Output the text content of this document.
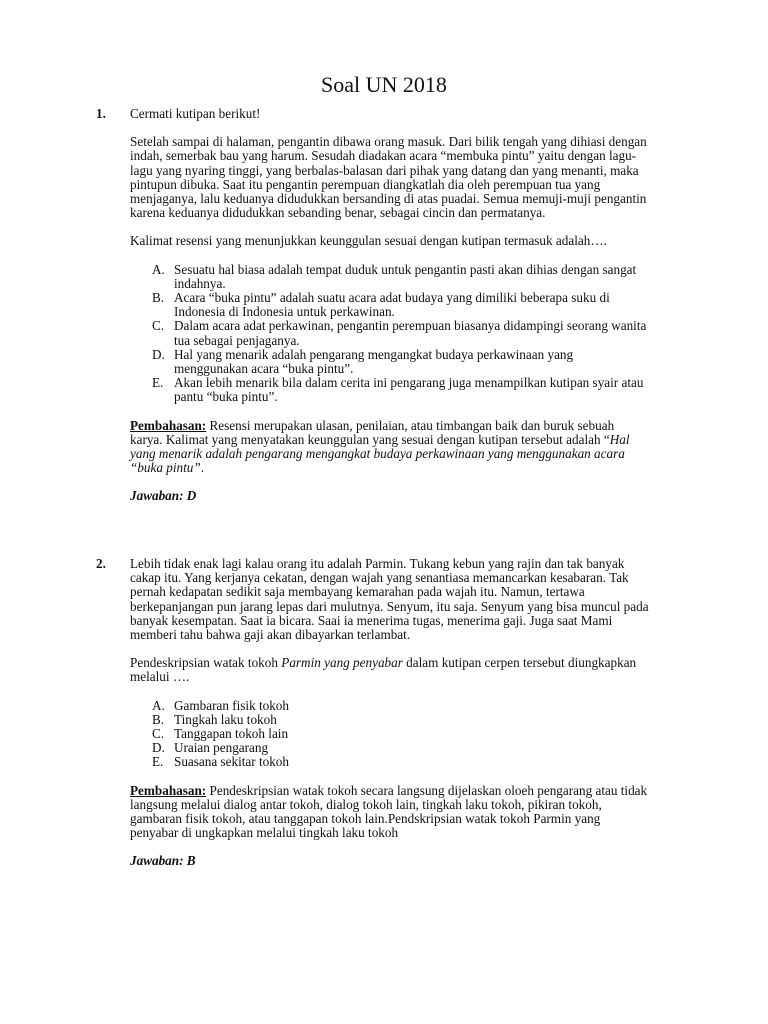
Soal UN 2018
1. Cermati kutipan berikut!

Setelah sampai di halaman, pengantin dibawa orang masuk. Dari bilik tengah yang dihiasi dengan indah, semerbak bau yang harum. Sesudah diadakan acara “membuka pintu” yaitu dengan lagu-lagu yang nyaring tinggi, yang berbalas-balasan dari pihak yang datang dan yang menanti, maka pintupun dibuka. Saat itu pengantin perempuan diangkatlah dia oleh perempuan tua yang menjaganya, lalu keduanya didudukkan bersanding di atas puadai. Semua memuji-muji pengantin karena keduanya didudukkan sebanding benar, sebagai cincin dan permatanya.

Kalimat resensi yang menunjukkan keunggulan sesuai dengan kutipan termasuk adalah….

A. Sesuatu hal biasa adalah tempat duduk untuk pengantin pasti akan dihias dengan sangat indahnya.
B. Acara “buka pintu” adalah suatu acara adat budaya yang dimiliki beberapa suku di Indonesia di Indonesia untuk perkawinan.
C. Dalam acara adat perkawinan, pengantin perempuan biasanya didampingi seorang wanita tua sebagai penjaganya.
D. Hal yang menarik adalah pengarang mengangkat budaya perkawinaan yang menggunakan acara “buka pintu”.
E. Akan lebih menarik bila dalam cerita ini pengarang juga menampilkan kutipan syair atau pantu “buka pintu”.

Pembahasan: Resensi merupakan ulasan, penilaian, atau timbangan baik dan buruk sebuah karya. Kalimat yang menyatakan keunggulan yang sesuai dengan kutipan tersebut adalah “Hal yang menarik adalah pengarang mengangkat budaya perkawinaan yang menggunakan acara “buka pintu”.

Jawaban: D

2. Lebih tidak enak lagi kalau orang itu adalah Parmin. Tukang kebun yang rajin dan tak banyak cakap itu. Yang kerjanya cekatan, dengan wajah yang senantiasa memancarkan kesabaran. Tak pernah kedapatan sedikit saja membayang kemarahan pada wajah itu. Namun, tertawa berkepanjangan pun jarang lepas dari mulutnya. Senyum, itu saja. Senyum yang bisa muncul pada banyak kesempatan. Saat ia bicara. Saai ia menerima tugas, menerima gaji. Juga saat Mami memberi tahu bahwa gaji akan dibayarkan terlambat.

Pendeskripsian watak tokoh Parmin yang penyabar dalam kutipan cerpen tersebut diungkapkan melalui ….

A. Gambaran fisik tokoh
B. Tingkah laku tokoh
C. Tanggapan tokoh lain
D. Uraian pengarang
E. Suasana sekitar tokoh

Pembahasan: Pendeskripsian watak tokoh secara langsung dijelaskan oloeh pengarang atau tidak langsung melalui dialog antar tokoh, dialog tokoh lain, tingkah laku tokoh, pikiran tokoh, gambaran fisik tokoh, atau tanggapan tokoh lain.Pendskripsian watak tokoh Parmin yang penyabar di ungkapkan melalui tingkah laku tokoh

Jawaban: B
